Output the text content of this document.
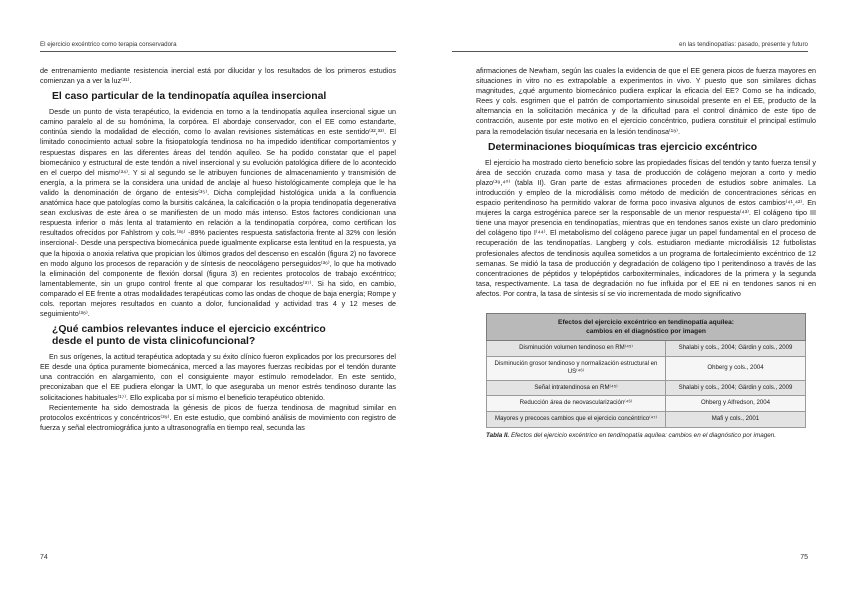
El ejercicio excéntrico como terapia conservadora

de entrenamiento mediante resistencia inercial está por dilucidar y los resultados de los primeros estudios comienzan ya a ver la luz⁽³¹⁾.

El caso particular de la tendinopatía aquílea insercional

Desde un punto de vista terapéutico, la evidencia en torno a la tendinopatía aquílea insercional sigue un camino paralelo al de su homónima, la corpórea. El abordaje conservador, con el EE como estandarte, continúa siendo la modalidad de elección, como lo avalan revisiones sistemáticas en este sentido⁽³²,³³⁾. El limitado conocimiento actual sobre la fisiopatología tendinosa no ha impedido identificar comportamientos y respuestas dispares en las diferentes áreas del tendón aquíleo. Se ha podido constatar que el papel biomecánico y estructural de este tendón a nivel insercional y su evolución patológica difiere de lo acontecido en el cuerpo del mismo⁽³⁴⁾. Y si al segundo se le atribuyen funciones de almacenamiento y transmisión de energía, a la primera se la considera una unidad de anclaje al hueso histológicamente compleja que le ha valido la denominación de órgano de entesis⁽³⁵⁾. Dicha complejidad histológica unida a la confluencia anatómica hace que patologías como la bursitis calcánea, la calcificación o la propia tendinopatía degenerativa sean exclusivas de este área o se manifiesten de un modo más intenso. Estos factores condicionan una respuesta inferior o más lenta al tratamiento en relación a la tendinopatía corpórea, como certifican los resultados ofrecidos por Fahlstrom y cols.⁽³⁶⁾ -89% pacientes respuesta satisfactoria frente al 32% con lesión insercional-. Desde una perspectiva biomecánica puede igualmente explicarse esta lentitud en la respuesta, ya que la hipoxia o anoxia relativa que propician los últimos grados del descenso en escalón (figura 2) no favorece en modo alguno los procesos de reparación y de síntesis de neocolágeno perseguidos⁽³⁶⁾, lo que ha motivado la eliminación del componente de flexión dorsal (figura 3) en recientes protocolos de trabajo excéntrico; lamentablemente, sin un grupo control frente al que comparar los resultados⁽³⁷⁾. Si ha sido, en cambio, comparado el EE frente a otras modalidades terapéuticas como las ondas de choque de baja energía; Rompe y cols. reportan mejores resultados en cuanto a dolor, funcionalidad y actividad tras 4 y 12 meses de seguimiento⁽³⁸⁾.

¿Qué cambios relevantes induce el ejercicio excéntrico
desde el punto de vista clinicofuncional?

En sus orígenes, la actitud terapéutica adoptada y su éxito clínico fueron explicados por los precursores del EE desde una óptica puramente biomecánica, merced a las mayores fuerzas recibidas por el tendón durante una contracción en alargamiento, con el consiguiente mayor estímulo remodelador. En este sentido, preconizaban que el EE pudiera elongar la UMT, lo que aseguraba un menor estrés tendinoso durante las solicitaciones habituales⁽¹⁷⁾. Ello explicaba por sí mismo el beneficio terapéutico obtenido.

Recientemente ha sido demostrada la génesis de picos de fuerza tendinosa de magnitud similar en protocolos excéntricos y concéntricos⁽³⁹⁾. En este estudio, que combinó análisis de movimiento con registro de fuerza y señal electromiográfica junto a ultrasonografía en tiempo real, secunda las

74
en las tendinopatías: pasado, presente y futuro

afirmaciones de Newham, según las cuales la evidencia de que el EE genera picos de fuerza mayores en situaciones in vitro no es extrapolable a experimentos in vivo. Y puesto que son similares dichas magnitudes, ¿qué argumento biomecánico pudiera explicar la eficacia del EE? Como se ha indicado, Rees y cols. esgrimen que el patrón de comportamiento sinusoidal presente en el EE, producto de la alternancia en la solicitación mecánica y de la dificultad para el control dinámico de este tipo de contracción, ausente por este motivo en el ejercicio concéntrico, pudiera constituir el principal estímulo para la remodelación tisular necesaria en la lesión tendinosa⁽¹⁸⁾.

Determinaciones bioquímicas tras ejercicio excéntrico

El ejercicio ha mostrado cierto beneficio sobre las propiedades físicas del tendón y tanto fuerza tensil y área de sección cruzada como masa y tasa de producción de colágeno mejoran a corto y medio plazo⁽³⁹,⁴⁰⁾ (tabla II). Gran parte de estas afirmaciones proceden de estudios sobre animales. La introducción y empleo de la microdiálisis como método de medición de concentraciones séricas en espacio peritendinoso ha permitido valorar de forma poco invasiva algunos de estos cambios⁽⁴¹,⁴²⁾. En mujeres la carga estrogénica parece ser la responsable de un menor respuesta⁽⁴³⁾. El colágeno tipo III tiene una mayor presencia en tendinopatías, mientras que en tendones sanos existe un claro predominio del colágeno tipo I⁽⁴⁴⁾. El metabolismo del colágeno parece jugar un papel fundamental en el proceso de recuperación de las tendinopatías. Langberg y cols. estudiaron mediante microdiálisis 12 futbolistas profesionales afectos de tendinosis aquílea sometidos a un programa de fortalecimiento excéntrico de 12 semanas. Se midió la tasa de producción y degradación de colágeno tipo I peritendinoso a través de las concentraciones de péptidos y telopéptidos carboxiterminales, indicadores de la primera y la segunda tasa, respectivamente. La tasa de degradación no fue influida por el EE ni en tendones sanos ni en afectos. Por contra, la tasa de síntesis sí se vio incrementada de modo significativo

Efectos del ejercicio excéntrico en tendinopatía aquílea:
cambios en el diagnóstico por imagen	

Disminución volumen tendinoso en RM⁽⁴⁵⁾	Shalabi y cols., 2004; Gärdin y cols., 2009
Disminución grosor tendinoso y normalización estructural en US⁽⁴⁶⁾	Ohberg y cols., 2004
Señal intratendinosa en RM⁽⁴⁵⁾	Shalabi y cols., 2004; Gärdin y cols., 2009
Reducción área de neovascularización⁽⁴⁶⁾	Ohberg y Alfredson, 2004
Mayores y precoces cambios que el ejercicio concéntrico⁽⁴⁷⁾	Mafi y cols., 2001
Tabla II. Efectos del ejercicio excéntrico en tendinopatía aquílea: cambios en el diagnóstico por imagen.
75
